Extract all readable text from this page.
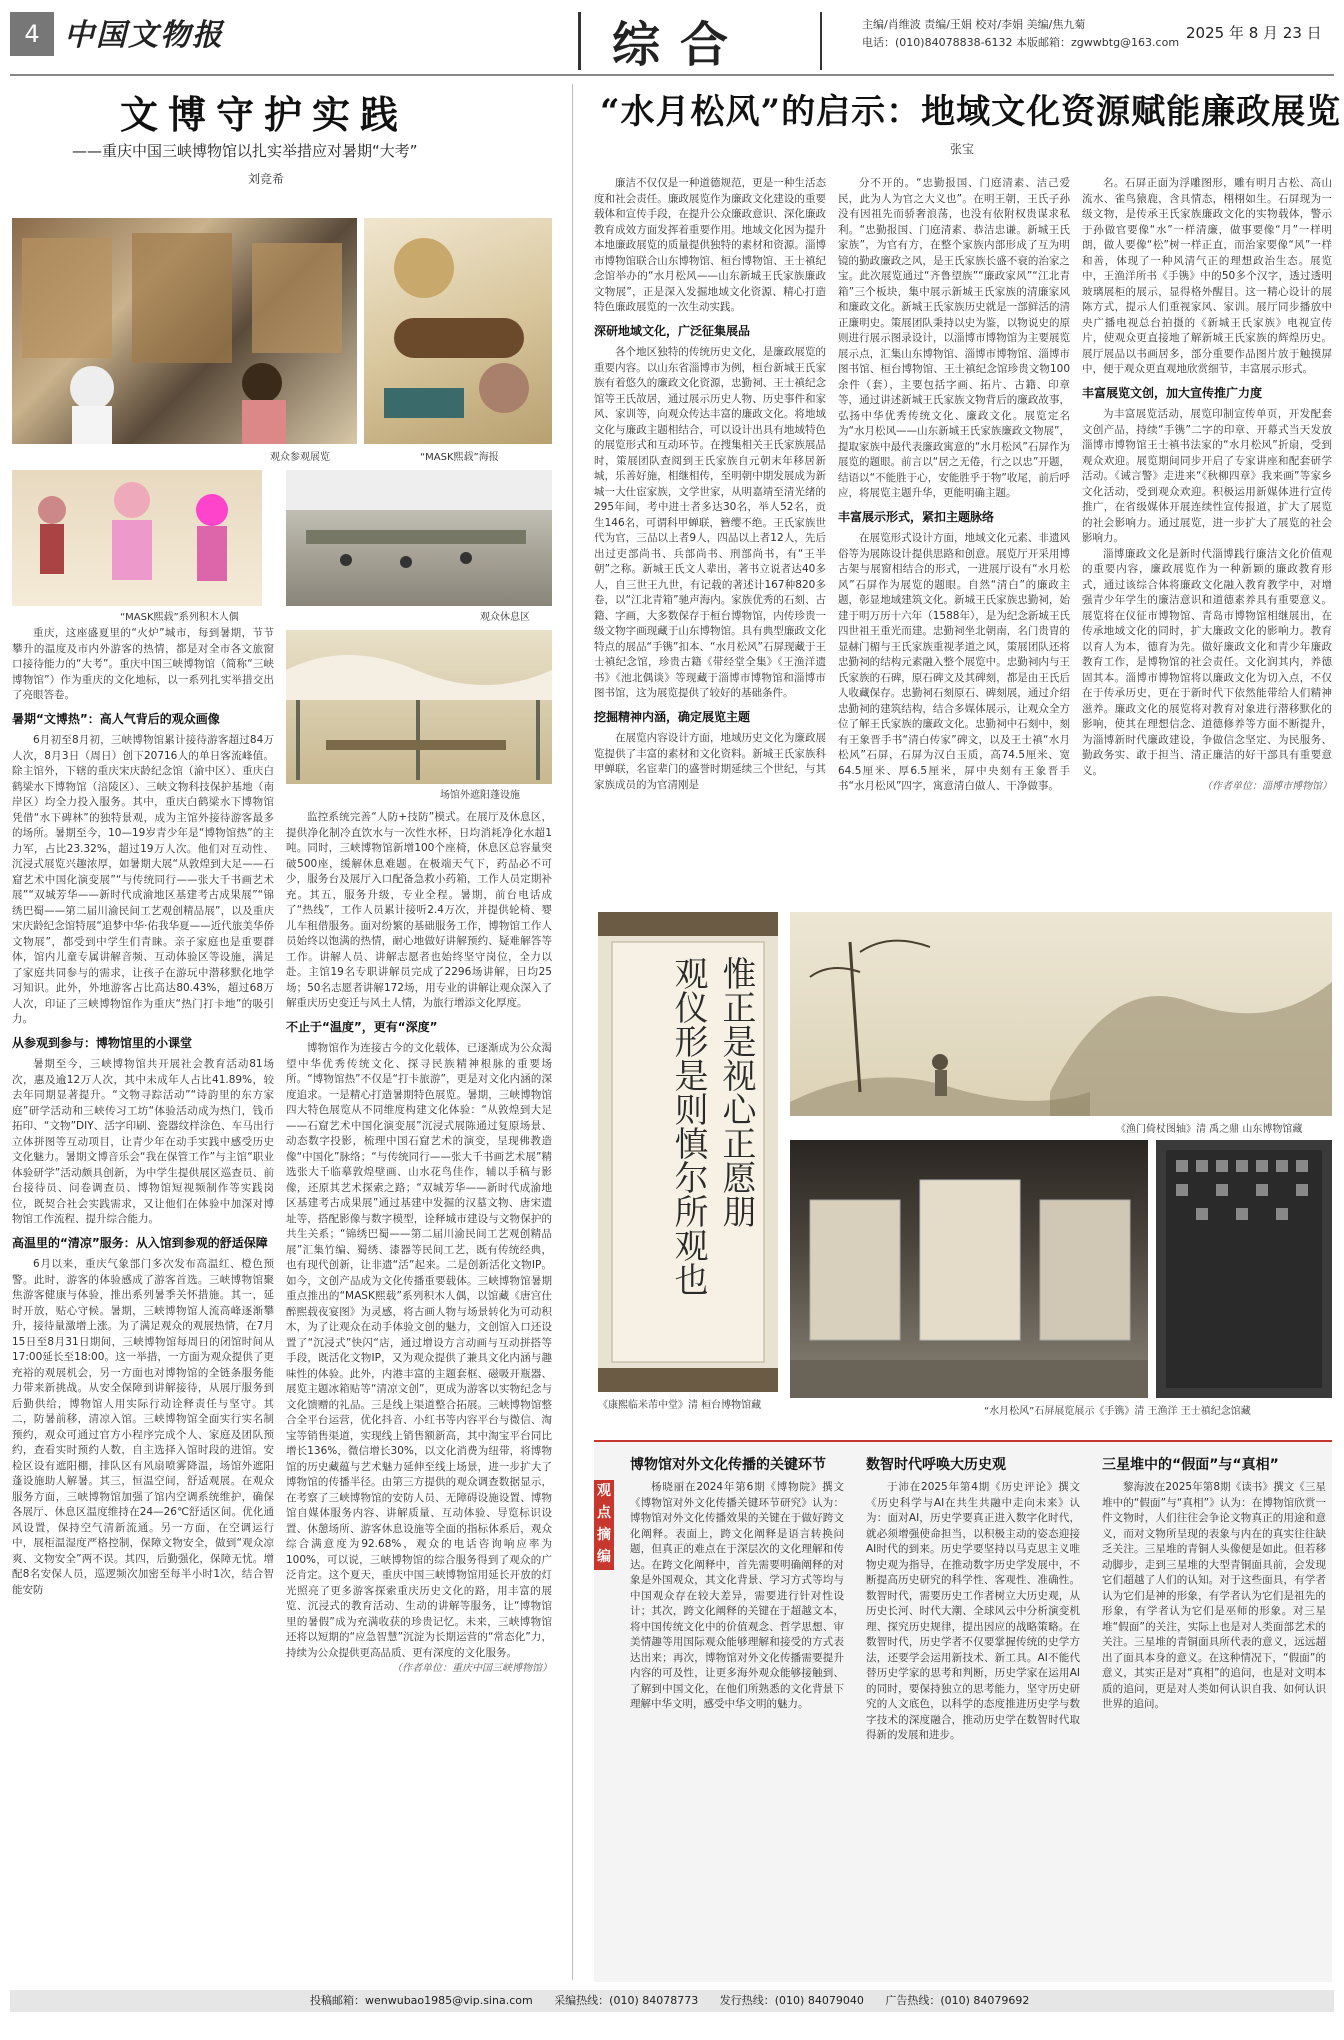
4 中国文物报	综合	主编/肖维波 责编/王娟 校对/李娟 美编/焦九菊
电话：(010)84078838-6132 本版邮箱：zgwwbtg@163.com
2025 年 8 月 23 日
文博守护实践
——重庆中国三峡博物馆以扎实举措应对暑期“大考”
刘竞希
“水月松风”的启示：地域文化资源赋能廉政展览
张宝
观众参观展览	“MASK熙载”海报
“MASK熙载”系列积木人偶	观众休息区
场馆外遮阳蓬设施

重庆，这座盛夏里的“火炉”城市，每到暑期，节节攀升的温度及市内外游客的热情，都是对全市各文旅窗口接待能力的“大考”。重庆中国三峡博物馆（简称“三峡博物馆”）作为重庆的文化地标，以一系列扎实举措交出了亮眼答卷。

暑期“文博热”：高人气背后的观众画像

6月初至8月初，三峡博物馆累计接待游客超过84万人次，8月3日（周日）创下20716人的单日客流峰值。除主馆外，下辖的重庆宋庆龄纪念馆（渝中区）、重庆白鹤梁水下博物馆（涪陵区）、三峡文物科技保护基地（南岸区）均全力投入服务。其中，重庆白鹤梁水下博物馆凭借“水下碑林”的独特景观，成为主馆外接待游客最多的场所。暑期至今，10—19岁青少年是“博物馆热”的主力军，占比23.32%，超过19万人次。他们对互动性、沉浸式展览兴趣浓厚，如暑期大展“从敦煌到大足——石窟艺术中国化演变展”“与传统同行——张大千书画艺术展”“双城芳华——新时代成渝地区基建考古成果展”“锦绣巴蜀——第二届川渝民间工艺观创精品展”，以及重庆宋庆龄纪念馆特展“追梦中华·佑我华夏——近代旅美华侨文物展”，都受到中学生们青睐。亲子家庭也是重要群体，馆内儿童专属讲解音频、互动体验区等设施，满足了家庭共同参与的需求，让孩子在游玩中潜移默化地学习知识。此外，外地游客占比高达80.43%，超过68万人次，印证了三峡博物馆作为重庆“热门打卡地”的吸引力。

从参观到参与：博物馆里的小课堂

暑期至今，三峡博物馆共开展社会教育活动81场次，惠及逾12万人次，其中未成年人占比41.89%，较去年同期显著提升。“文物寻踪活动”“诗韵里的东方家庭”研学活动和三峡传习工坊“体验活动成为热门，钱币拓印、“文物”DIY、活字印刷、瓷器纹样涂色、车马出行立体拼图等互动项目，让青少年在动手实践中感受历史文化魅力。暑期文博音乐会“我在保管工作”与主馆“职业体验研学”活动颇具创新，为中学生提供展区巡查员、前台接待员、问卷调查员、博物馆短视频制作等实践岗位，既契合社会实践需求，又让他们在体验中加深对博物馆工作流程、提升综合能力。

高温里的“清凉”服务：从入馆到参观的舒适保障

6月以来，重庆气象部门多次发布高温红、橙色预警。此时，游客的体验感成了游客首选。三峡博物馆聚焦游客健康与体验，推出系列暑季关怀措施。其一，延时开放，贴心守候。暑期，三峡博物馆人流高峰逐渐攀升，接待量激增上涨。为了满足观众的观展热情，在7月15日至8月31日期间，三峡博物馆每周日的闭馆时间从17:00延长至18:00。这一举措，一方面为观众提供了更充裕的观展机会，另一方面也对博物馆的全链条服务能力带来新挑战。从安全保障到讲解接待，从展厅服务到后勤供给，博物馆人用实际行动诠释责任与坚守。其二，防暑前移，清凉入馆。三峡博物馆全面实行实名制预约，观众可通过官方小程序完成个人、家庭及团队预约，查看实时预约人数，自主选择入馆时段的进馆。安检区设有遮阳棚，排队区有风扇喷雾降温，场馆外遮阳蓬设施助人解暑。其三，恒温空间，舒适观展。在观众服务方面，三峡博物馆加强了馆内空调系统维护，确保各展厅、休息区温度维持在24—26℃舒适区间。优化通风设置，保持空气清新流通。另一方面，在空调运行中，展柜温湿度严格控制，保障文物安全，做到“观众凉爽、文物安全”两不误。其四，后勤强化，保障无忧。增配8名安保人员，巡逻频次加密至每半小时1次，结合智能安防

监控系统完善“人防+技防”模式。在展厅及休息区，提供净化制冷直饮水与一次性水杯，日均消耗净化水超1吨。同时，三峡博物馆新增100个座椅，休息区总容量突破500座，缓解休息难题。在极端天气下，药品必不可少，服务台及展厅入口配备急救小药箱，工作人员定期补充。其五，服务升级，专业全程。暑期，前台电话成了“热线”，工作人员累计接听2.4万次，并提供轮椅、婴儿车租借服务。面对纷繁的基础服务工作，博物馆工作人员始终以饱满的热情，耐心地做好讲解预约、疑难解答等工作。讲解人员、讲解志愿者也始终坚守岗位，全力以赴。主馆19名专职讲解员完成了2296场讲解，日均25场；50名志愿者讲解172场，用专业的讲解让观众深入了解重庆历史变迁与风土人情，为旅行增添文化厚度。

不止于“温度”，更有“深度”

博物馆作为连接古今的文化载体，已逐渐成为公众渴望中华优秀传统文化、探寻民族精神根脉的重要场所。“博物馆热”不仅是“打卡旅游”，更是对文化内涵的深度追求。一是精心打造暑期特色展览。暑期，三峡博物馆四大特色展览从不同维度构建文化体验：“从敦煌到大足——石窟艺术中国化演变展”沉浸式展陈通过复原场景、动态数字投影，梳理中国石窟艺术的演变，呈现佛教造像“中国化”脉络；“与传统同行——张大千书画艺术展”精选张大千临摹敦煌壁画、山水花鸟佳作，辅以手稿与影像，还原其艺术探索之路；“双城芳华——新时代成渝地区基建考古成果展”通过基建中发掘的汉墓文物、唐宋遗址等，搭配影像与数字模型，诠释城市建设与文物保护的共生关系；“锦绣巴蜀——第二届川渝民间工艺观创精品展”汇集竹编、蜀绣、漆器等民间工艺，既有传统经典，也有现代创新，让非遗“活”起来。二是创新活化文物IP。如今，文创产品成为文化传播重要载体。三峡博物馆暑期重点推出的“MASK熙载”系列积木人偶，以馆藏《唐宫仕醉熙载夜宴图》为灵感，将古画人物与场景转化为可动积木，为了让观众在动手体验文创的魅力，文创馆入口还设置了“沉浸式”快闪“店，通过增设方言动画与互动拼搭等手段，既活化文物IP，又为观众提供了兼具文化内涵与趣味性的体验。此外，内港丰富的主题套框、磁吸开瓶器、展览主题冰箱贴等“清凉文创”，更成为游客以实物纪念与文化馈赠的礼品。三是线上渠道整合拓展。三峡博物馆整合全平台运营，优化抖音、小红书等内容平台与微信、淘宝等销售渠道，实现线上销售额新高，其中淘宝平台同比增长136%，微信增长30%，以文化消费为纽带，将博物馆的历史藏蕴与艺术魅力延伸至线上场景，进一步扩大了博物馆的传播半径。由第三方提供的观众调查数据显示，在考察了三峡博物馆的安防人员、无障碍设施设置、博物馆自媒体服务内容、讲解质量、互动体验、导览标识设置、休憩场所、游客休息设施等全面的指标体系后，观众综合满意度为92.68%，观众的电话咨询响应率为100%，可以说，三峡博物馆的综合服务得到了观众的广泛肯定。这个夏天，重庆中国三峡博物馆用延长开放的灯光照亮了更多游客探索重庆历史文化的路，用丰富的展览、沉浸式的教育活动、生动的讲解等服务，让“博物馆里的暑假”成为充满收获的珍贵记忆。未来，三峡博物馆还将以短期的“应急智慧”沉淀为长期运营的“常态化”力，持续为公众提供更高品质、更有深度的文化服务。

（作者单位：重庆中国三峡博物馆）

廉洁不仅仅是一种道德规范，更是一种生活态度和社会责任。廉政展览作为廉政文化建设的重要载体和宣传手段，在提升公众廉政意识、深化廉政教育成效方面发挥着重要作用。地域文化因为提升本地廉政展览的质量提供独特的素材和资源。淄博市博物馆联合山东博物馆、桓台博物馆、王士禛纪念馆举办的“水月松风——山东新城王氏家族廉政文物展”，正是深入发掘地域文化资源、精心打造特色廉政展览的一次生动实践。

深研地域文化，广泛征集展品

各个地区独特的传统历史文化，是廉政展览的重要内容。以山东省淄博市为例，桓台新城王氏家族有着悠久的廉政文化资源，忠勤祠、王士禛纪念馆等王氏故居，通过展示历史人物、历史事件和家风、家训等，向观众传达丰富的廉政文化。将地域文化与廉政主题相结合，可以设计出具有地域特色的展览形式和互动环节。在搜集相关王氏家族展品时，策展团队查阅到王氏家族自元朝末年移居新城，乐善好施，相继相传，至明朝中期发展成为新城一大仕宦家族，文学世家，从明嘉靖至清光绪的295年间，考中进士者多达30名，举人52名，贡生146名，可谓科甲蝉联，簪缨不绝。王氏家族世代为官，三品以上者9人，四品以上者12人，先后出过吏部尚书、兵部尚书、刑部尚书，有“王半朝”之称。新城王氏文人辈出，著书立说者达40多人，自三世王九世，有记载的著述计167种820多卷，以“江北青箱”驰声海内。家族优秀的石刻、古籍、字画，大多数保存于桓台博物馆，内传珍贵一级文物字画现藏于山东博物馆。具有典型廉政文化特点的展品“手镌”扣本、“水月松风”石屏现藏于王士禛纪念馆，珍贵古籍《带经堂全集》《王渔洋遗书》《池北偶谈》等现藏于淄博市博物馆和淄博市图书馆，这为展览提供了较好的基础条件。

挖掘精神内涵，确定展览主题

在展览内容设计方面，地域历史文化为廉政展览提供了丰富的素材和文化资料。新城王氏家族科甲蝉联，名宦辈门的盛誉时期延续三个世纪，与其家族成员的为官清刚是

分不开的。“忠勤报国、门庭清素、洁己爱民，此为人为官之大义也”。在明王朝，王氏子孙没有因祖先而骄奢浪荡，也没有依附权贵谋求私利。“忠勤报国、门庭清素、恭洁忠谦。新城王氏家族”，为官有方，在整个家族内部形成了互为明镜的勤政廉政之风，是王氏家族长盛不衰的治家之宝。此次展览通过“齐鲁望族”“廉政家风”“江北青箱”三个板块，集中展示新城王氏家族的清廉家风和廉政文化。新城王氏家族历史就是一部鲜活的清正廉明史。策展团队秉持以史为鉴，以物说史的原则进行展示图录设计，以淄博市博物馆为主要展览展示点，汇集山东博物馆、淄博市博物馆、淄博市图书馆、桓台博物馆、王士禛纪念馆珍贵文物100余件（套），主要包括字画、拓片、古籍、印章等，通过讲述新城王氏家族文物背后的廉政故事，弘扬中华优秀传统文化、廉政文化。展览定名为“水月松风——山东新城王氏家族廉政文物展”，提取家族中最代表廉政寓意的“水月松风”石屏作为展览的题眼。前言以“居之无倦，行之以忠”开题，结语以“不能胜于心，安能胜乎于物”收尾，前后呼应，将展览主题升华，更能明确主题。

丰富展示形式，紧扣主题脉络

在展览形式设计方面，地域文化元素、非遗风俗等为展陈设计提供思路和创意。展览厅开采用博古架与展窗相结合的形式，一进展厅设有“水月松风”石屏作为展览的题眼。自然“清白”的廉政主题，彰显地域建筑文化。新城王氏家族忠勤祠，始建于明万历十六年（1588年），是为纪念新城王氏四世祖王重光而建。忠勤祠坐北朝南，名门贵胄的显赫门楣与王氏家族重视孝道之风，策展团队还将忠勤祠的结构元素融入整个展览中。忠勤祠内与王氏家族的石碑，原石碑文及其碑刻，都是由王氏后人收藏保存。忠勤祠石刻原石、碑刻展，通过介绍忠勤祠的建筑结构，结合多媒体展示，让观众全方位了解王氏家族的廉政文化。忠勤祠中石刻中，刻有王象晋手书“清白传家”碑文，以及王士禛“水月松风”石屏，石屏为汉白玉质，高74.5厘米、宽64.5厘米、厚6.5厘米，屏中央刻有王象晋手书“水月松风”四字，寓意清白做人、干净做事。

名。石屏正面为浮雕图形，雕有明月古松、高山流水、雀鸟猿鹿，含具情态，栩栩如生。石屏现为一级文物，是传承王氏家族廉政文化的实物载体，警示于孙做官要像“水”一样清廉，做事要像“月”一样明朗，做人要像“松”树一样正直，而治家要像“风”一样和善，体现了一种风清气正的理想政治生态。展览中，王渔洋所书《手镌》中的50多个汉字，透过透明玻璃展柜的展示，显得格外醒目。这一精心设计的展陈方式，提示人们重视家风、家训。展厅同步播放中央广播电视总台拍摄的《新城王氏家族》电视宣传片，使观众更直接地了解新城王氏家族的辉煌历史。展厅展品以书画居多，部分重要作品图片放于触摸屏中，便于观众更直观地欣赏细节，丰富展示形式。

丰富展览文创，加大宣传推广力度

为丰富展览活动，展览印制宣传单页，开发配套文创产品，持续“手镌”二字的印章、开幕式当天发放淄博市博物馆王士禛书法家的“水月松风”折扇，受到观众欢迎。展览期间同步开启了专家讲座和配套研学活动。《诫言警》走进来“《秋柳四章》我来画”等家乡文化活动，受到观众欢迎。积极运用新媒体进行宣传推广，在省级媒体开展连续性宣传报道，扩大了展览的社会影响力。通过展览，进一步扩大了展览的社会影响力。

淄博廉政文化是新时代淄博践行廉洁文化价值观的重要内容，廉政展览作为一种新颖的廉政教育形式，通过该综合体将廉政文化融入教育教学中，对增强青少年学生的廉洁意识和道德素养具有重要意义。展览将在仪征市博物馆、青岛市博物馆相继展出，在传承地域文化的同时，扩大廉政文化的影响力。教育以育人为本，德育为先。做好廉政文化和青少年廉政教育工作，是博物馆的社会责任。文化润其内，养德固其本。淄博市博物馆将以廉政文化为切入点，不仅在于传承历史，更在于新时代下依然能带给人们精神滋养。廉政文化的展览将对教育对象进行潜移默化的影响，使其在理想信念、道德修养等方面不断提升，为淄博新时代廉政建设，争做信念坚定、为民服务、勤政务实、敢于担当、清正廉洁的好干部具有重要意义。

（作者单位：淄博市博物馆）
惟正是视心正愿朋
观仪形是则慎尔所观也
《康熙临米芾中堂》清 桓台博物馆藏
《渔门倚杖图轴》清 禹之鼎 山东博物馆藏
“水月松风”石屏展览展示《手镌》清 王渔洋 王士禛纪念馆藏
观点摘编
博物馆对外文化传播的关键环节

杨晓丽在2024年第6期《博物院》撰文《博物馆对外文化传播关键环节研究》认为：博物馆对外文化传播效果的关键在于做好跨文化阐释。表面上，跨文化阐释是语言转换问题，但真正的难点在于深层次的文化理解和传达。在跨文化阐释中，首先需要明确阐释的对象是外国观众，其文化背景、学习方式等均与中国观众存在较大差异，需要进行针对性设计；其次，跨文化阐释的关键在于超越文本，将中国传统文化中的价值观念、哲学思想、审美情趣等用国际观众能够理解和接受的方式表达出来；再次，博物馆对外文化传播需要提升内容的可及性，让更多海外观众能够接触到、了解到中国文化，在他们所熟悉的文化背景下理解中华文明，感受中华文明的魅力。

数智时代呼唤大历史观

于沛在2025年第4期《历史评论》撰文《历史科学与AI在共生共融中走向未来》认为：面对AI，历史学要真正进入数字化时代，就必须增强使命担当，以积极主动的姿态迎接AI时代的到来。历史学要坚持以马克思主义唯物史观为指导，在推动数字历史学发展中，不断提高历史研究的科学性、客观性、准确性。数智时代，需要历史工作者树立大历史观，从历史长河、时代大潮、全球风云中分析演变机理、探究历史规律，提出因应的战略策略。在数智时代，历史学者不仅要掌握传统的史学方法，还要学会运用新技术、新工具。AI不能代替历史学家的思考和判断，历史学家在运用AI的同时，要保持独立的思考能力，坚守历史研究的人文底色，以科学的态度推进历史学与数字技术的深度融合，推动历史学在数智时代取得新的发展和进步。

三星堆中的“假面”与“真相”

黎海波在2025年第8期《读书》撰文《三星堆中的“假面”与“真相”》认为：在博物馆欣赏一件文物时，人们往往会争论文物真正的用途和意义，而对文物所呈现的表象与内在的真实往往缺乏关注。三星堆的青铜人头像便是如此。但若移动脚步，走到三星堆的大型青铜面具前，会发现它们超越了人们的认知。对于这些面具，有学者认为它们是神的形象，有学者认为它们是祖先的形象，有学者认为它们是巫师的形象。对三星堆“假面”的关注，实际上也是对人类面部艺术的关注。三星堆的青铜面具所代表的意义，远远超出了面具本身的意义。在这种情况下，“假面”的意义，其实正是对“真相”的追问，也是对文明本质的追问，更是对人类如何认识自我、如何认识世界的追问。

投稿邮箱：wenwubao1985@vip.sina.com 采编热线：(010) 84078773 发行热线：(010) 84079040 广告热线：(010) 84079692
